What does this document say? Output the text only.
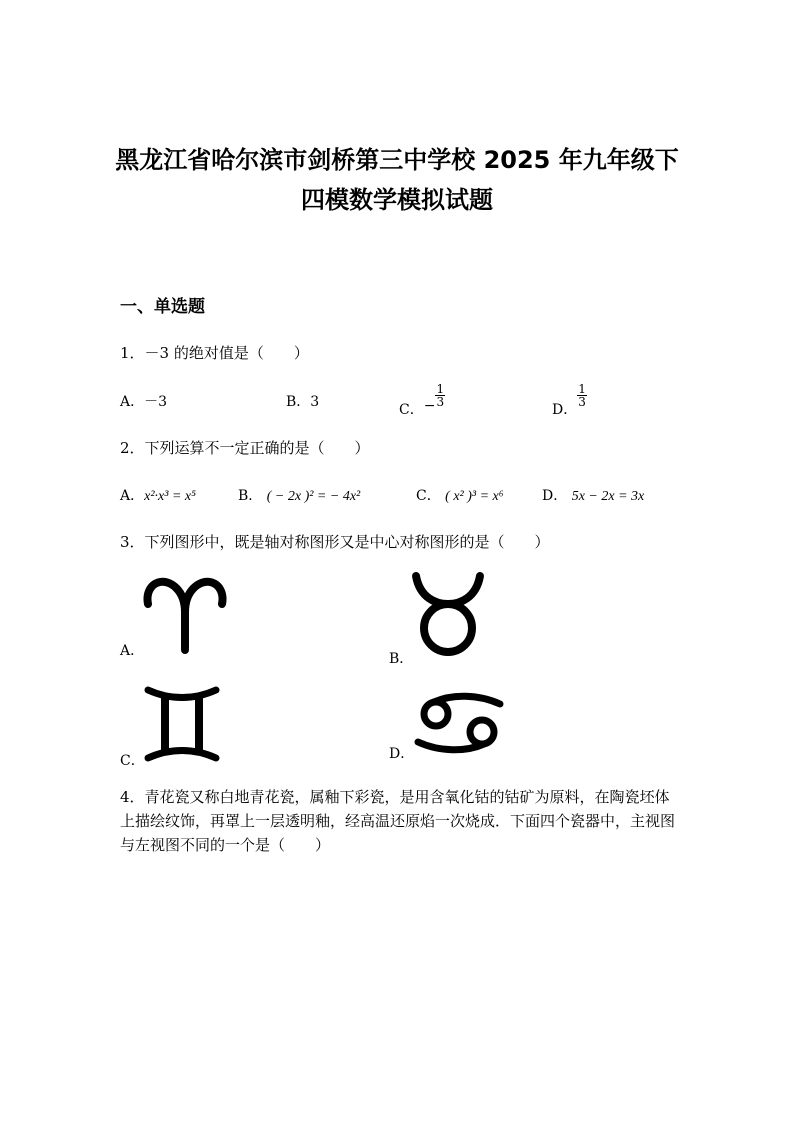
黑龙江省哈尔滨市剑桥第三中学校 2025 年九年级下
四模数学模拟试题
一、单选题
1．－3 的绝对值是（　　）
A．－3	B．3	C．− $\frac{1}{3}$
D．
$\frac{1}{3}$
2．下列运算不一定正确的是（　　）
A．x²·x³ = x⁵	B． ( − 2x )² = − 4x²	C． ( x² )³ = x⁶	D． 5x − 2x = 3x
3．下列图形中，既是轴对称图形又是中心对称图形的是（　　）
A．	B．
C．	D．
4．青花瓷又称白地青花瓷，属釉下彩瓷，是用含氧化钴的钴矿为原料，在陶瓷坯体上描绘纹饰，再罩上一层透明釉，经高温还原焰一次烧成．下面四个瓷器中，主视图与左视图不同的一个是（　　）
